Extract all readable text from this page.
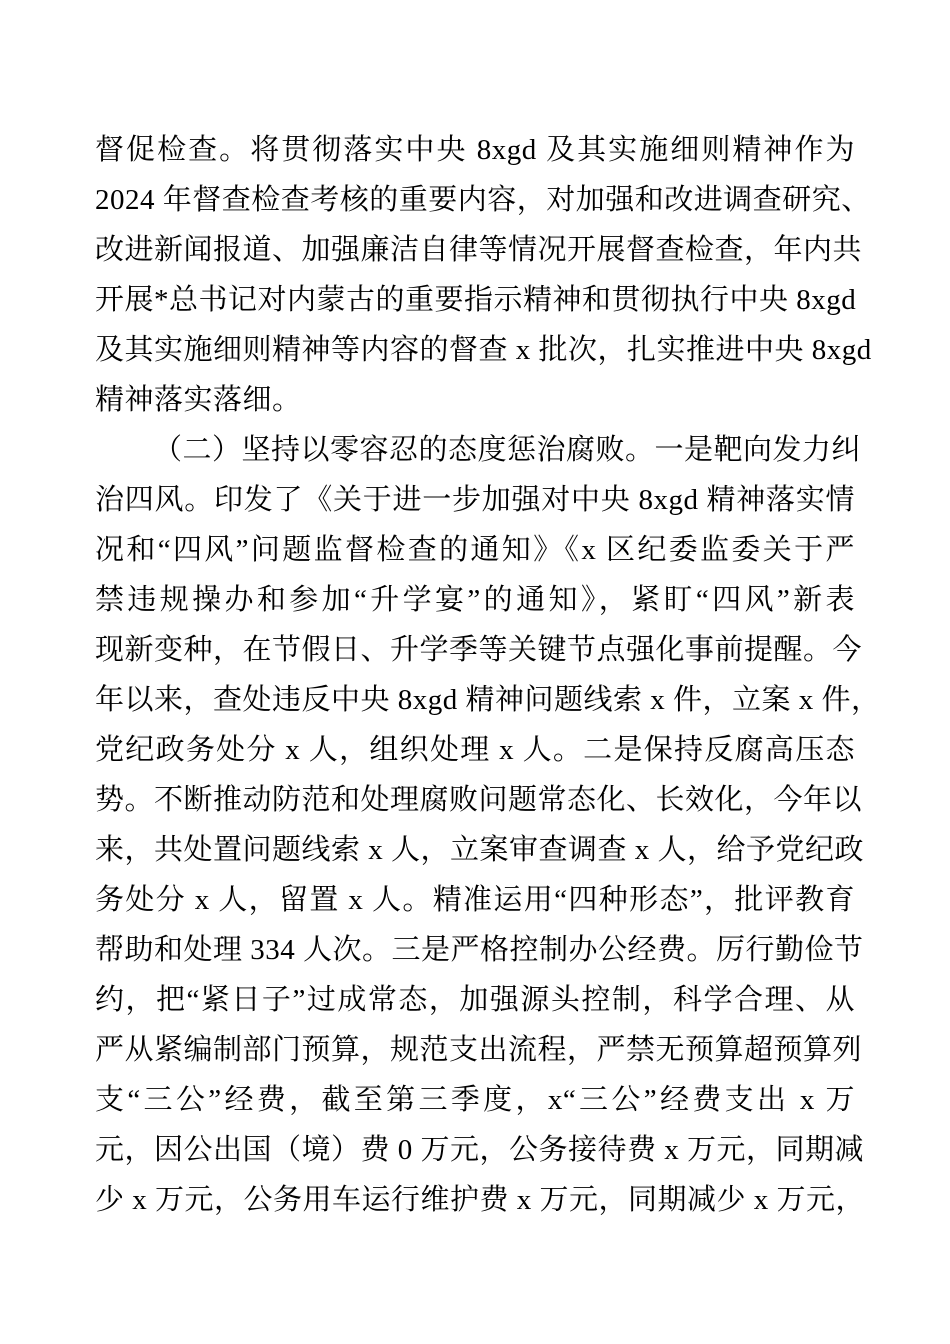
督促检查。将贯彻落实中央 8xgd 及其实施细则精神作为
2024 年督查检查考核的重要内容，对加强和改进调查研究、
改进新闻报道、加强廉洁自律等情况开展督查检查，年内共
开展*总书记对内蒙古的重要指示精神和贯彻执行中央 8xgd
及其实施细则精神等内容的督查 x 批次，扎实推进中央 8xgd
精神落实落细。
（二）坚持以零容忍的态度惩治腐败。一是靶向发力纠
治四风。印发了《关于进一步加强对中央 8xgd 精神落实情
况和“四风”问题监督检查的通知》《x 区纪委监委关于严
禁违规操办和参加“升学宴”的通知》，紧盯“四风”新表
现新变种，在节假日、升学季等关键节点强化事前提醒。今
年以来，查处违反中央 8xgd 精神问题线索 x 件，立案 x 件，
党纪政务处分 x 人，组织处理 x 人。二是保持反腐高压态
势。不断推动防范和处理腐败问题常态化、长效化，今年以
来，共处置问题线索 x 人，立案审查调查 x 人，给予党纪政
务处分 x 人，留置 x 人。精准运用“四种形态”，批评教育
帮助和处理 334 人次。三是严格控制办公经费。厉行勤俭节
约，把“紧日子”过成常态，加强源头控制，科学合理、从
严从紧编制部门预算，规范支出流程，严禁无预算超预算列
支“三公”经费，截至第三季度，x“三公”经费支出 x 万
元，因公出国（境）费 0 万元，公务接待费 x 万元，同期减
少 x 万元，公务用车运行维护费 x 万元，同期减少 x 万元，
